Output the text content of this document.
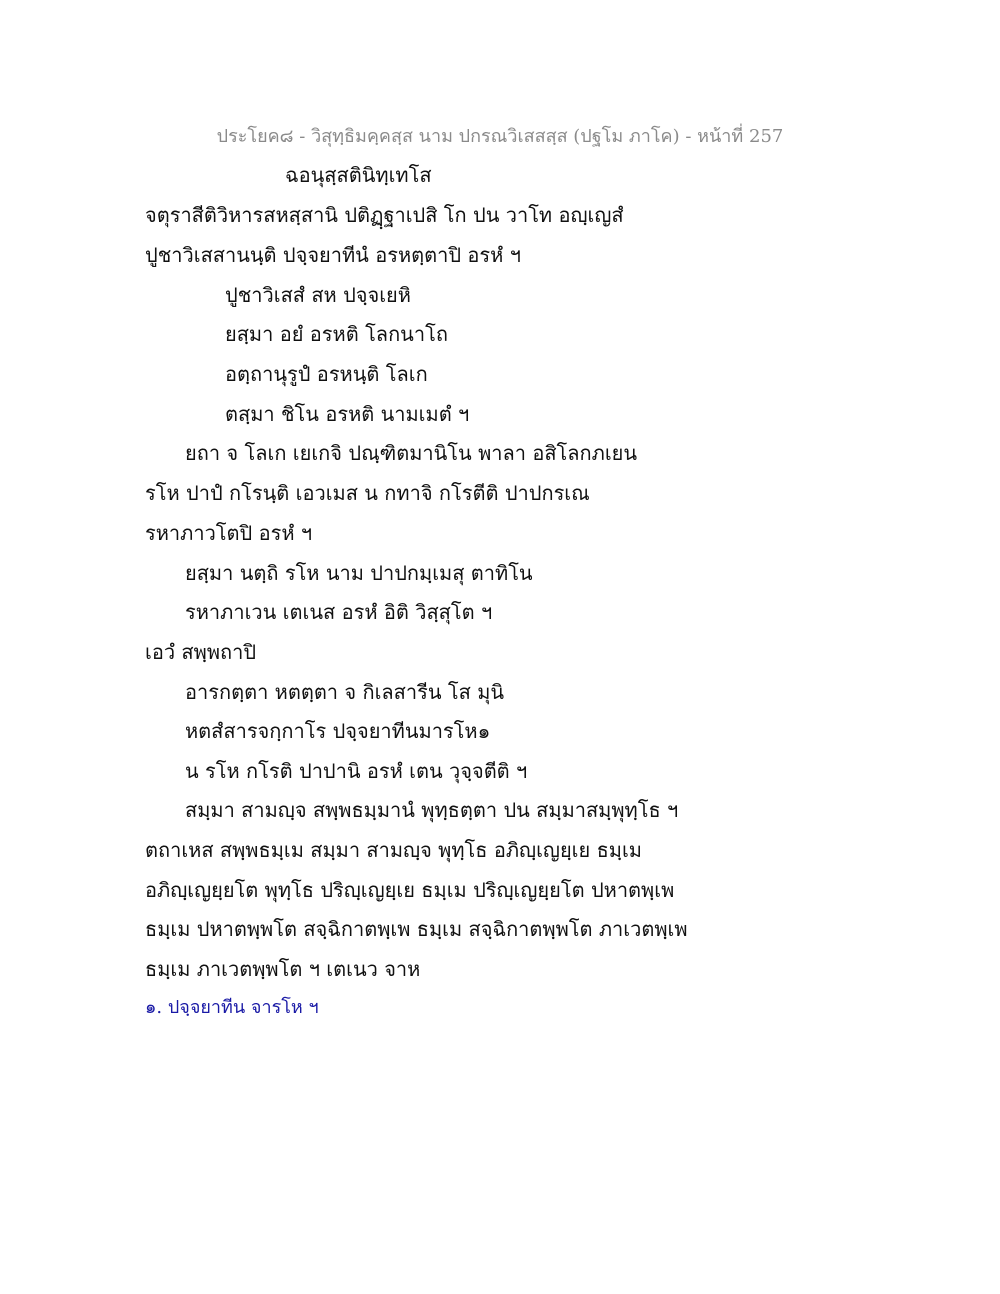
ประโยค๘ - วิสุทฺธิมคฺคสฺส นาม ปกรณวิเสสสฺส (ปฐโม ภาโค) - หน้าที่ 257
ฉอนุสฺสตินิทฺเทโส
จตุราสีติวิหารสหสฺสานิ ปติฏฺฐาเปสิ โก ปน วาโท อญฺเญสํ
ปูชาวิเสสานนฺติ ปจฺจยาทีนํ อรหตฺตาปิ อรหํ ฯ
ปูชาวิเสสํ สห ปจฺจเยหิ
ยสฺมา อยํ อรหติ โลกนาโถ
อตฺถานุรูปํ อรหนฺติ โลเก
ตสฺมา ชิโน อรหติ นามเมตํ ฯ
ยถา จ โลเก เยเกจิ ปณฺฑิตมานิโน พาลา อสิโลกภเยน
รโห ปาปํ กโรนฺติ เอวเมส น กทาจิ กโรตีติ ปาปกรเณ
รหาภาวโตปิ อรหํ ฯ
ยสฺมา นตฺถิ รโห นาม ปาปกมฺเมสุ ตาทิโน
รหาภาเวน เตเนส อรหํ อิติ วิสฺสุโต ฯ
เอวํ สพฺพถาปิ
อารกตฺตา หตตฺตา จ กิเลสารีน โส มุนิ
หตสํสารจกฺกาโร ปจฺจยาทีนมารโห๑
น รโห กโรติ ปาปานิ อรหํ เตน วุจฺจตีติ ฯ
สมฺมา สามญฺจ สพฺพธมฺมานํ พุทฺธตฺตา ปน สมฺมาสมฺพุทฺโธ ฯ
ตถาเหส สพฺพธมฺเม สมฺมา สามญฺจ พุทฺโธ อภิญฺเญยฺเย ธมฺเม
อภิญฺเญยฺยโต พุทฺโธ ปริญฺเญยฺเย ธมฺเม ปริญฺเญยฺยโต ปหาตพฺเพ
ธมฺเม ปหาตพฺพโต สจฺฉิกาตพฺเพ ธมฺเม สจฺฉิกาตพฺพโต ภาเวตพฺเพ
ธมฺเม ภาเวตพฺพโต ฯ เตเนว จาห
๑. ปจฺจยาทีน จารโห ฯ
